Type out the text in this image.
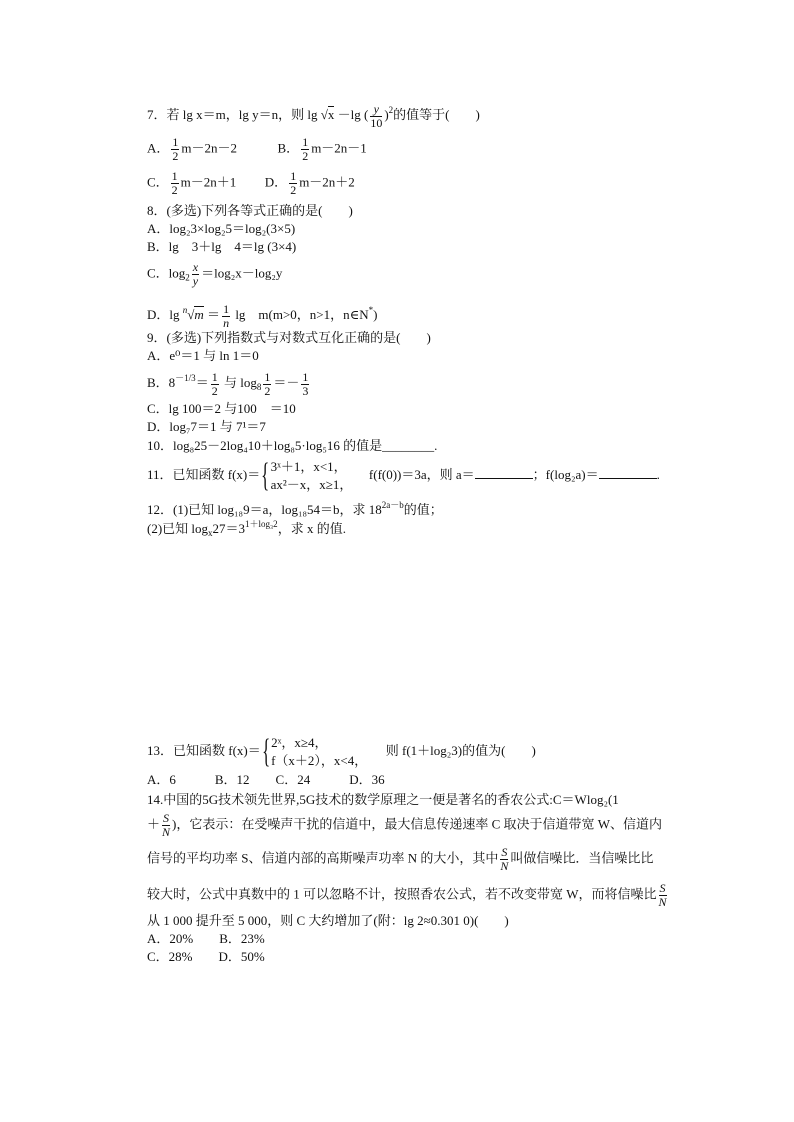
7．若 lg x＝m，lg y＝n，则 lg √x －lg ( $\frac{y}{10} )^2$的值等于(　　)
A． $\frac{1}{2} m-2n-2$	B． $\frac{1}{2} m-2n-1$
C． $\frac{1}{2} m-2n+1$ D． $\frac{1}{2} m-2n+2$
8．(多选)下列各等式正确的是(　　)
A．log₂3×log₂5＝log₂(3×5)
B．lg　3＋lg　4＝lg (3×4)
C．$\log_2 \frac{x}{y} =\log_2x-\log_2y$
D．$\lg ^n√m = \frac{1}{n}$ lg　m(m>0，n>1，n∈N*)
9．(多选)下列指数式与对数式互化正确的是(　　)
A．e⁰＝1 与 ln 1＝0
B．$8^{-1/3}= \frac{1}{2}$ 与 $\log_8 \frac{1}{2} =- \frac{1}{3}$
C．lg 100＝2 与100　＝10
D．log₇7＝1 与 7¹＝7
10．log₈25－2log₄10＋log₈5·log₅16 的值是________.
11．已知函数 f(x)＝{ 3ˣ＋1，x<1，
ax²－x，x≥1，
f(f(0))＝3a，则 a＝	；f(log₂a)＝	.
12．(1)已知 log₁₈9＝a，log₁₈54＝b，求 $18^{2a-b}$的值；
(2)已知 $\log_x27=3^{1+log_32}$，求 x 的值.
13．已知函数 f(x)＝{ 2ˣ，x≥4，
f（x＋2），x<4，
则 f(1＋log₂3)的值为(　　)
A．6　　　B．12　　C．24　　　D．36
14.中国的5G技术领先世界,5G技术的数学原理之一便是著名的香农公式:C＝Wlog₂(1
＋ $\frac{S}{N}$ )，它表示：在受噪声干扰的信道中，最大信息传递速率 C 取决于信道带宽 W、信道内
信号的平均功率 S、信道内部的高斯噪声功率 N 的大小，其中 $\frac{S}{N}$ 叫做信噪比．当信噪比比
较大时，公式中真数中的 1 可以忽略不计，按照香农公式，若不改变带宽 W，而将信噪比 $\frac{S}{N}$
从 1 000 提升至 5 000，则 C 大约增加了(附：lg 2≈0.301 0)(　　)
A．20%　　B．23%
C．28%　　D．50%
